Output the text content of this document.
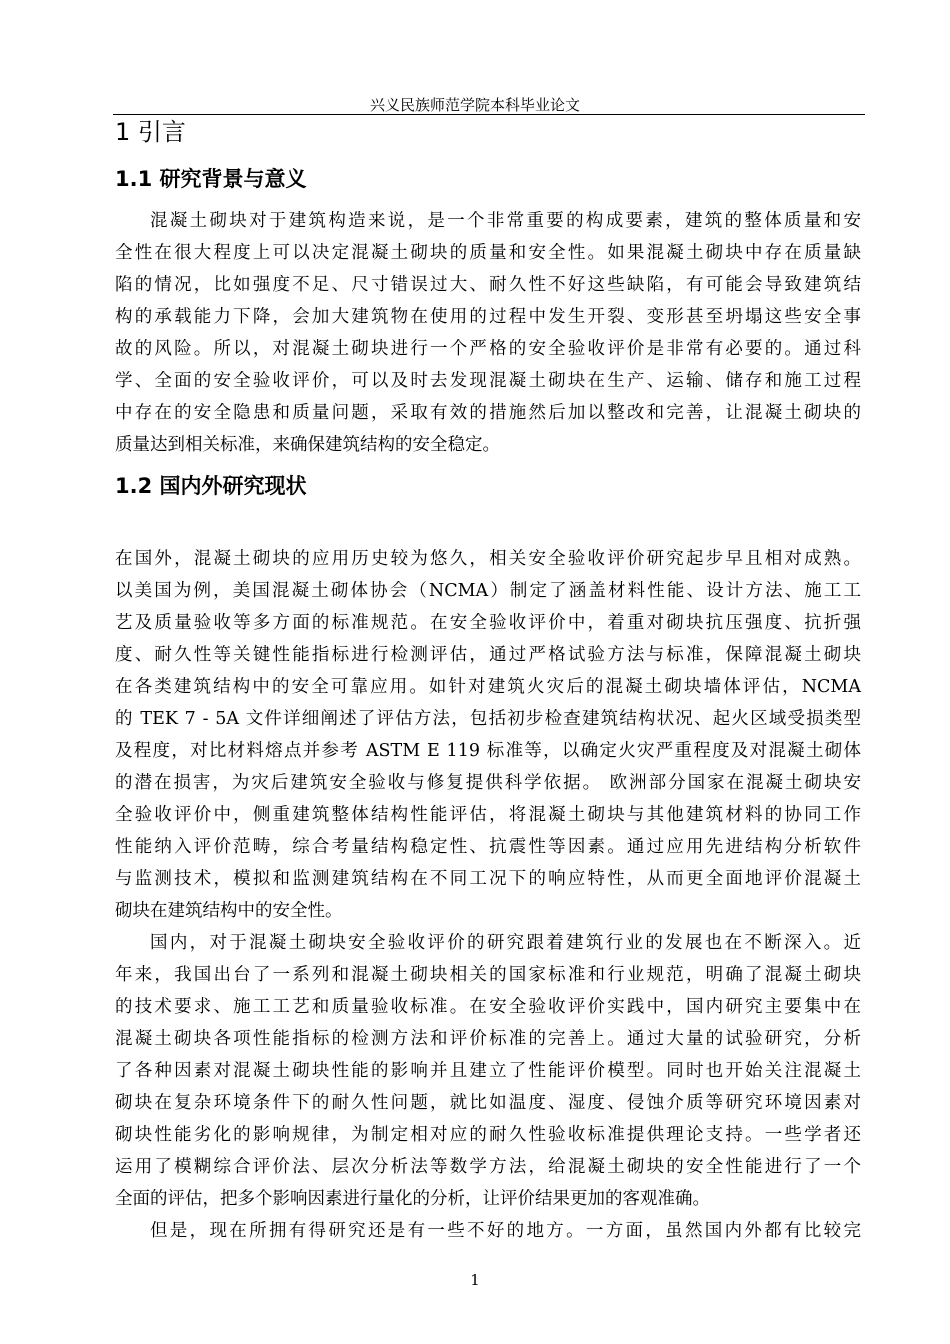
兴义民族师范学院本科毕业论文
1 引言
1.1 研究背景与意义
混凝土砌块对于建筑构造来说，是一个非常重要的构成要素，建筑的整体质量和安
全性在很大程度上可以决定混凝土砌块的质量和安全性。如果混凝土砌块中存在质量缺
陷的情况，比如强度不足、尺寸错误过大、耐久性不好这些缺陷，有可能会导致建筑结
构的承载能力下降，会加大建筑物在使用的过程中发生开裂、变形甚至坍塌这些安全事
故的风险。所以，对混凝土砌块进行一个严格的安全验收评价是非常有必要的。通过科
学、全面的安全验收评价，可以及时去发现混凝土砌块在生产、运输、储存和施工过程
中存在的安全隐患和质量问题，采取有效的措施然后加以整改和完善，让混凝土砌块的
质量达到相关标准，来确保建筑结构的安全稳定。
1.2 国内外研究现状
在国外，混凝土砌块的应用历史较为悠久，相关安全验收评价研究起步早且相对成熟。
以美国为例，美国混凝土砌体协会（NCMA）制定了涵盖材料性能、设计方法、施工工
艺及质量验收等多方面的标准规范。在安全验收评价中，着重对砌块抗压强度、抗折强
度、耐久性等关键性能指标进行检测评估，通过严格试验方法与标准，保障混凝土砌块
在各类建筑结构中的安全可靠应用。如针对建筑火灾后的混凝土砌块墙体评估，NCMA
的 TEK 7 - 5A 文件详细阐述了评估方法，包括初步检查建筑结构状况、起火区域受损类型
及程度，对比材料熔点并参考 ASTM E 119 标准等，以确定火灾严重程度及对混凝土砌体
的潜在损害，为灾后建筑安全验收与修复提供科学依据。 欧洲部分国家在混凝土砌块安
全验收评价中，侧重建筑整体结构性能评估，将混凝土砌块与其他建筑材料的协同工作
性能纳入评价范畴，综合考量结构稳定性、抗震性等因素。通过应用先进结构分析软件
与监测技术，模拟和监测建筑结构在不同工况下的响应特性，从而更全面地评价混凝土
砌块在建筑结构中的安全性。
国内，对于混凝土砌块安全验收评价的研究跟着建筑行业的发展也在不断深入。近
年来，我国出台了一系列和混凝土砌块相关的国家标准和行业规范，明确了混凝土砌块
的技术要求、施工工艺和质量验收标准。在安全验收评价实践中，国内研究主要集中在
混凝土砌块各项性能指标的检测方法和评价标准的完善上。通过大量的试验研究，分析
了各种因素对混凝土砌块性能的影响并且建立了性能评价模型。同时也开始关注混凝土
砌块在复杂环境条件下的耐久性问题，就比如温度、湿度、侵蚀介质等研究环境因素对
砌块性能劣化的影响规律，为制定相对应的耐久性验收标准提供理论支持。一些学者还
运用了模糊综合评价法、层次分析法等数学方法，给混凝土砌块的安全性能进行了一个
全面的评估，把多个影响因素进行量化的分析，让评价结果更加的客观准确。
但是，现在所拥有得研究还是有一些不好的地方。一方面，虽然国内外都有比较完
1
